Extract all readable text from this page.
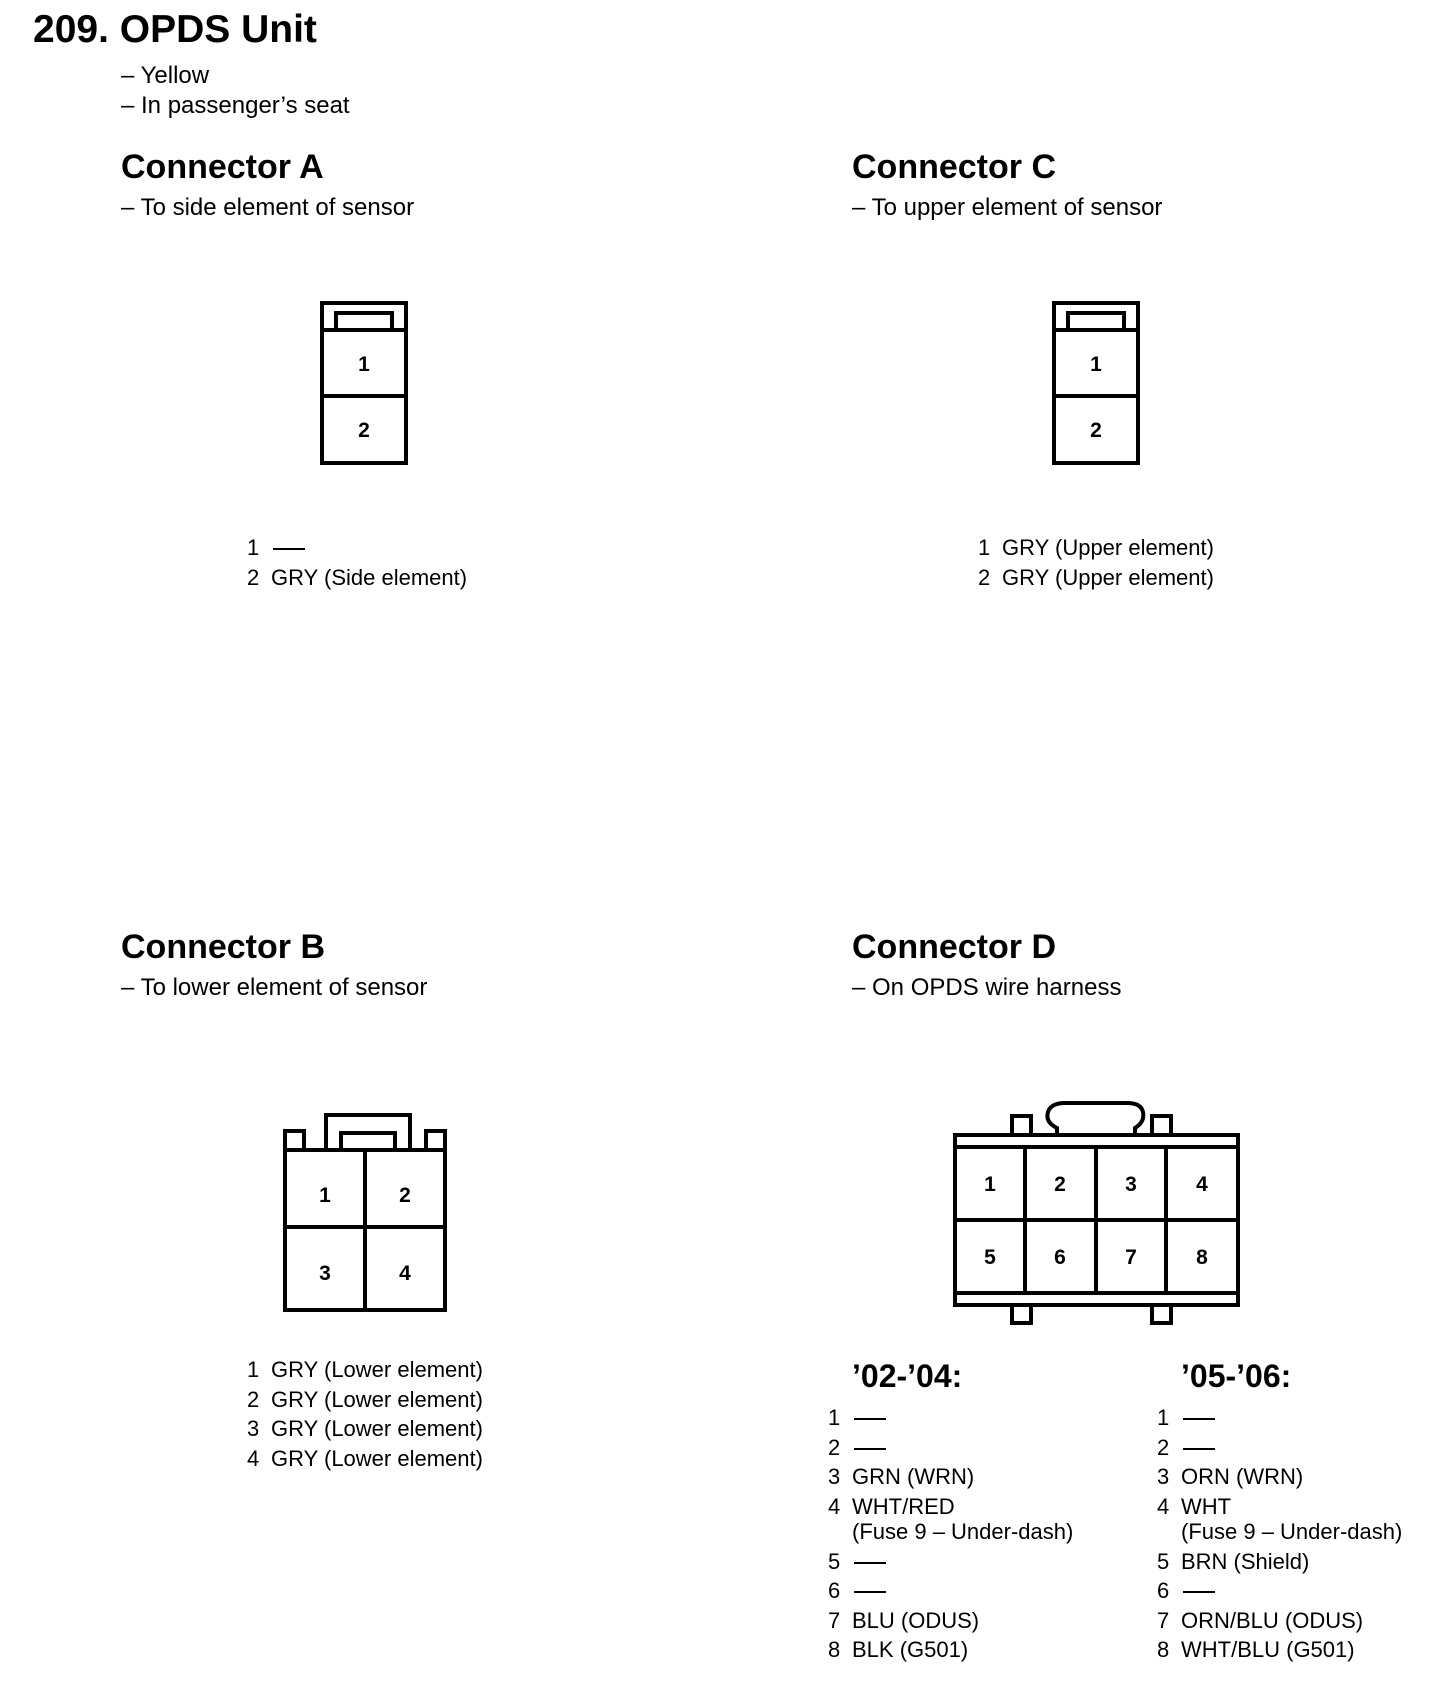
209. OPDS Unit
– Yellow
– In passenger’s seat
Connector A
– To side element of sensor
1
2
1
2 GRY (Side element)
Connector C
– To upper element of sensor
1
2
1 GRY (Upper element)
2 GRY (Upper element)
Connector B
– To lower element of sensor
1	2
3	4
1 GRY (Lower element)
2 GRY (Lower element)
3 GRY (Lower element)
4 GRY (Lower element)
Connector D
– On OPDS wire harness
1	2	3	4
5	6	7	8
’02-’04:
1
2
3 GRN (WRN)
4 WHT/RED
(Fuse 9 – Under-dash)
5
6
7 BLU (ODUS)
8 BLK (G501)
’05-’06:
1
2
3 ORN (WRN)
4 WHT
(Fuse 9 – Under-dash)
5 BRN (Shield)
6
7 ORN/BLU (ODUS)
8 WHT/BLU (G501)
